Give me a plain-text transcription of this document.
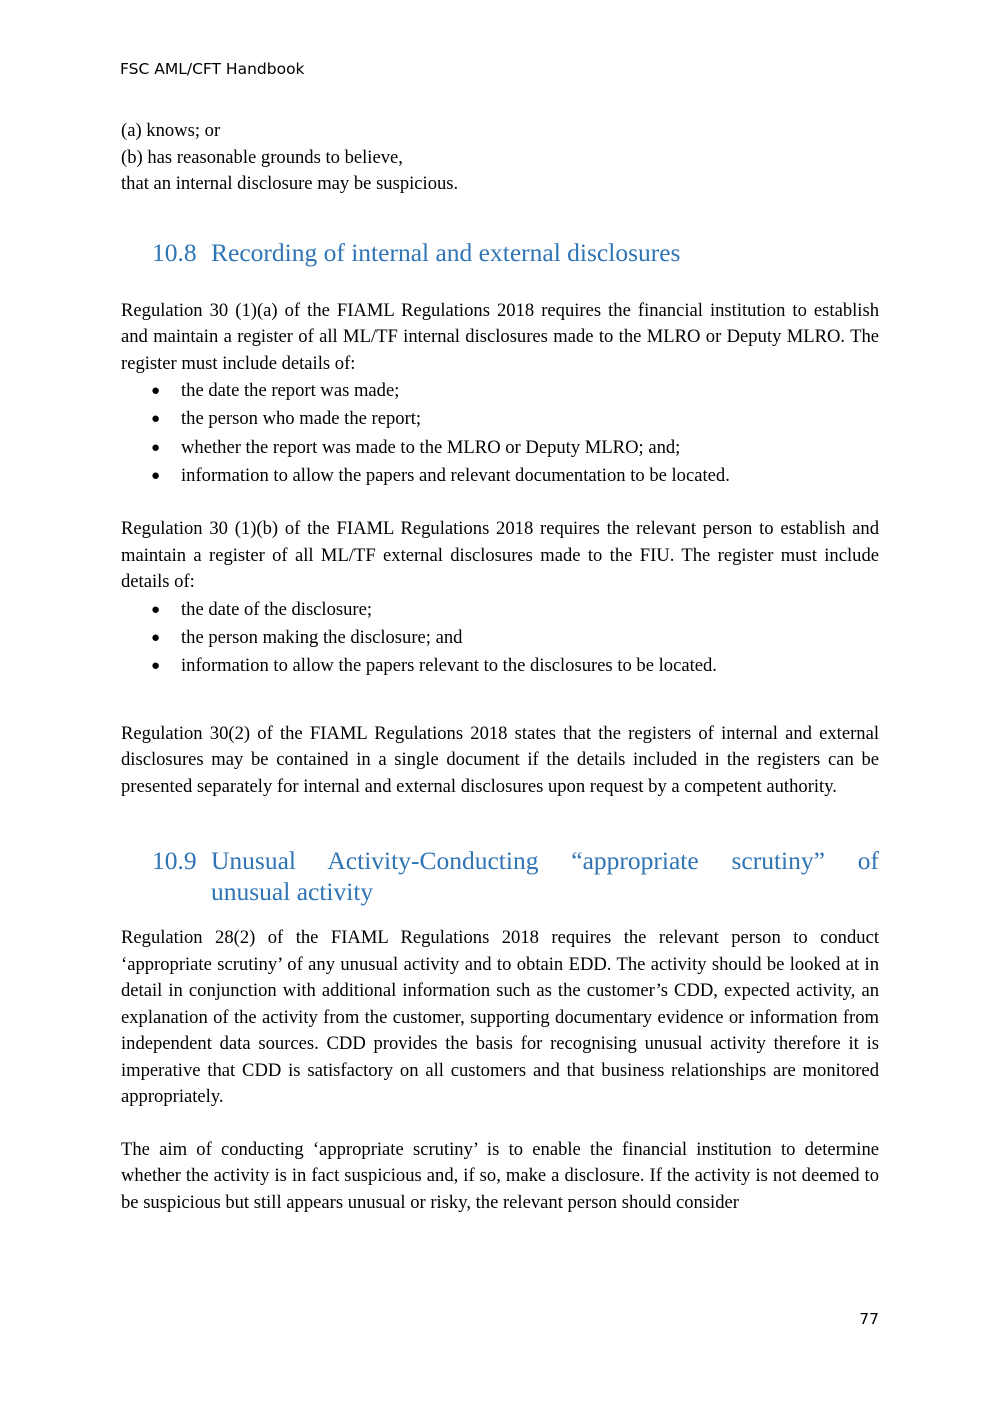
FSC AML/CFT Handbook

(a) knows; or

(b) has reasonable grounds to believe,

that an internal disclosure may be suspicious.

10.8 Recording of internal and external disclosures

Regulation 30 (1)(a) of the FIAML Regulations 2018 requires the financial institution to establish and maintain a register of all ML/TF internal disclosures made to the MLRO or Deputy MLRO. The register must include details of:

● the date the report was made;
● the person who made the report;
● whether the report was made to the MLRO or Deputy MLRO; and;
● information to allow the papers and relevant documentation to be located.

Regulation 30 (1)(b) of the FIAML Regulations 2018 requires the relevant person to establish and maintain a register of all ML/TF external disclosures made to the FIU. The register must include details of:

● the date of the disclosure;
● the person making the disclosure; and
● information to allow the papers relevant to the disclosures to be located.

Regulation 30(2) of the FIAML Regulations 2018 states that the registers of internal and external disclosures may be contained in a single document if the details included in the registers can be presented separately for internal and external disclosures upon request by a competent authority.

10.9 Unusual Activity-Conducting “appropriate scrutiny” of
unusual activity

Regulation 28(2) of the FIAML Regulations 2018 requires the relevant person to conduct ‘appropriate scrutiny’ of any unusual activity and to obtain EDD. The activity should be looked at in detail in conjunction with additional information such as the customer’s CDD, expected activity, an explanation of the activity from the customer, supporting documentary evidence or information from independent data sources. CDD provides the basis for recognising unusual activity therefore it is imperative that CDD is satisfactory on all customers and that business relationships are monitored appropriately.

The aim of conducting ‘appropriate scrutiny’ is to enable the financial institution to determine whether the activity is in fact suspicious and, if so, make a disclosure. If the activity is not deemed to be suspicious but still appears unusual or risky, the relevant person should consider

77
